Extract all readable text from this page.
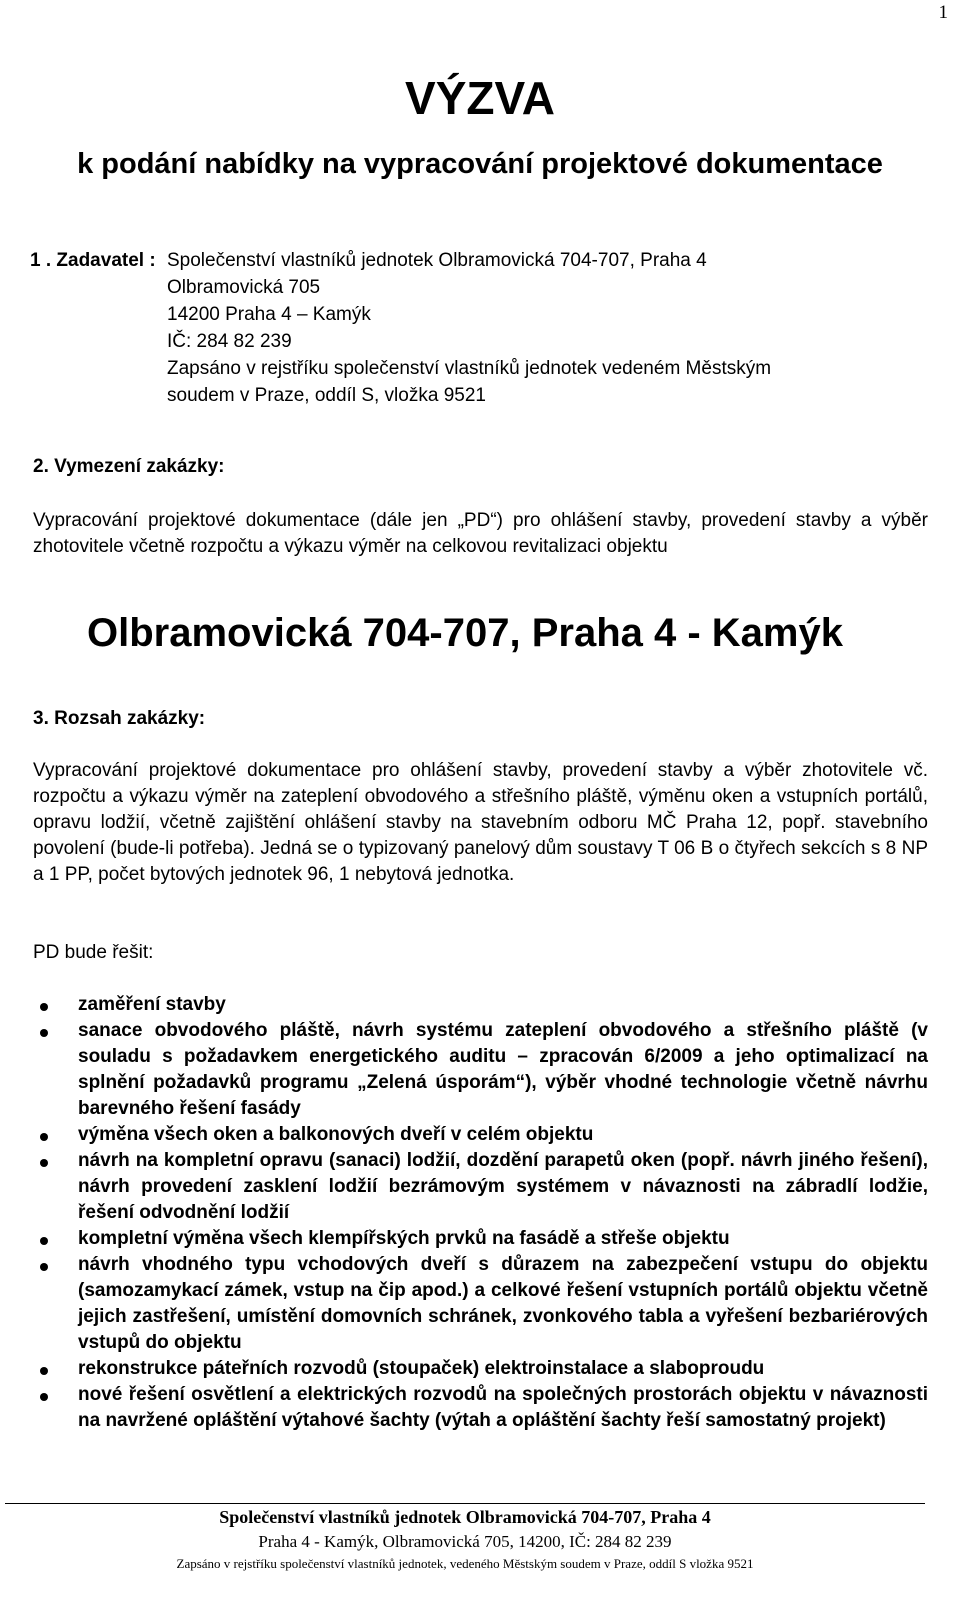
1
VÝZVA
k podání nabídky na vypracování projektové dokumentace
1 . Zadavatel : Společenství vlastníků jednotek Olbramovická 704-707, Praha 4
Olbramovická 705
14200 Praha 4 – Kamýk
IČ: 284 82 239
Zapsáno v rejstříku společenství vlastníků jednotek vedeném Městským
soudem v Praze, oddíl S, vložka 9521
2. Vymezení zakázky:
Vypracování projektové dokumentace (dále jen „PD“) pro ohlášení stavby, provedení stavby a výběr zhotovitele včetně rozpočtu a výkazu výměr na celkovou revitalizaci objektu
Olbramovická 704-707, Praha 4 - Kamýk
3. Rozsah zakázky:
Vypracování projektové dokumentace pro ohlášení stavby, provedení stavby a výběr zhotovitele vč. rozpočtu a výkazu výměr na zateplení obvodového a střešního pláště, výměnu oken a vstupních portálů, opravu lodžií, včetně zajištění ohlášení stavby na stavebním odboru MČ Praha 12, popř. stavebního povolení (bude-li potřeba). Jedná se o typizovaný panelový dům soustavy T 06 B o čtyřech sekcích s 8 NP a 1 PP, počet bytových jednotek 96, 1 nebytová jednotka.
PD bude řešit:
zaměření stavby
sanace obvodového pláště, návrh systému zateplení obvodového a střešního pláště (v souladu s požadavkem energetického auditu – zpracován 6/2009 a jeho optimalizací na splnění požadavků programu „Zelená úsporám“), výběr vhodné technologie včetně návrhu barevného řešení fasády
výměna všech oken a balkonových dveří v celém objektu
návrh na kompletní opravu (sanaci) lodžií, dozdění parapetů oken (popř. návrh jiného řešení), návrh provedení zasklení lodžií bezrámovým systémem v návaznosti na zábradlí lodžie, řešení odvodnění lodžií
kompletní výměna všech klempířských prvků na fasádě a střeše objektu
návrh vhodného typu vchodových dveří s důrazem na zabezpečení vstupu do objektu (samozamykací zámek, vstup na čip apod.) a celkové řešení vstupních portálů objektu včetně jejich zastřešení, umístění domovních schránek, zvonkového tabla a vyřešení bezbariérových vstupů do objektu
rekonstrukce páteřních rozvodů (stoupaček) elektroinstalace a slaboproudu
nové řešení osvětlení a elektrických rozvodů na společných prostorách objektu v návaznosti na navržené opláštění výtahové šachty (výtah a opláštění šachty řeší samostatný projekt)
Společenství vlastníků jednotek Olbramovická 704-707, Praha 4
Praha 4 - Kamýk, Olbramovická 705, 14200, IČ: 284 82 239
Zapsáno v rejstříku společenství vlastníků jednotek, vedeného Městským soudem v Praze, oddíl S vložka 9521
